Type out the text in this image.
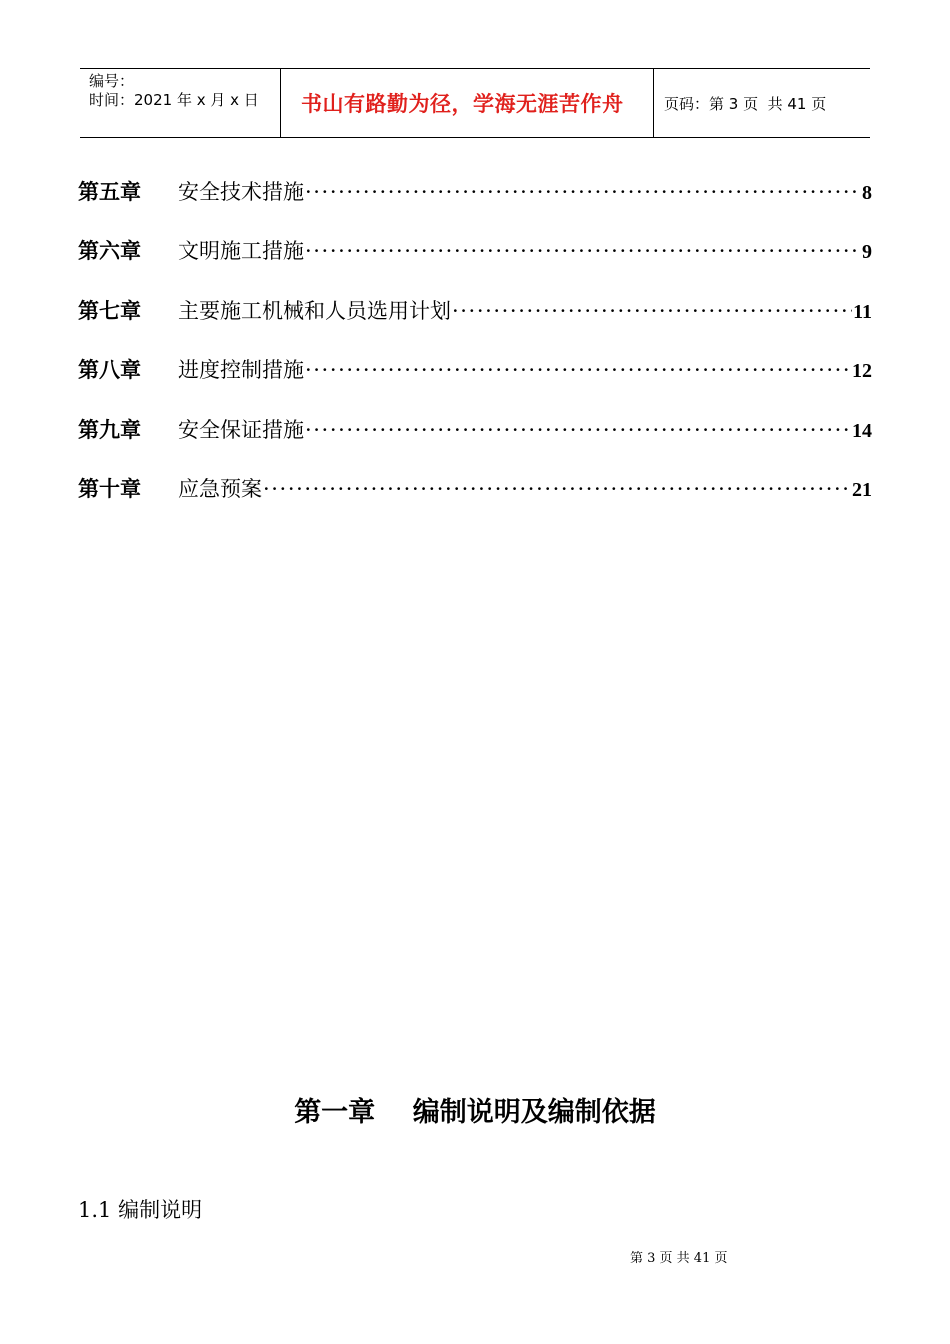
编号：
时间：2021 年 x 月 x 日	书山有路勤为径，学海无涯苦作舟	页码：第 3 页  共 41 页
第五章	安全技术措施 ·····	8
第六章	文明施工措施 ·····	9
第七章	主要施工机械和人员选用计划 ·····	11
第八章	进度控制措施 ·····	12
第九章	安全保证措施 ·····	14
第十章	应急预案 ·····	21
第一章    编制说明及编制依据
1.1 编制说明
第 3 页 共 41 页
